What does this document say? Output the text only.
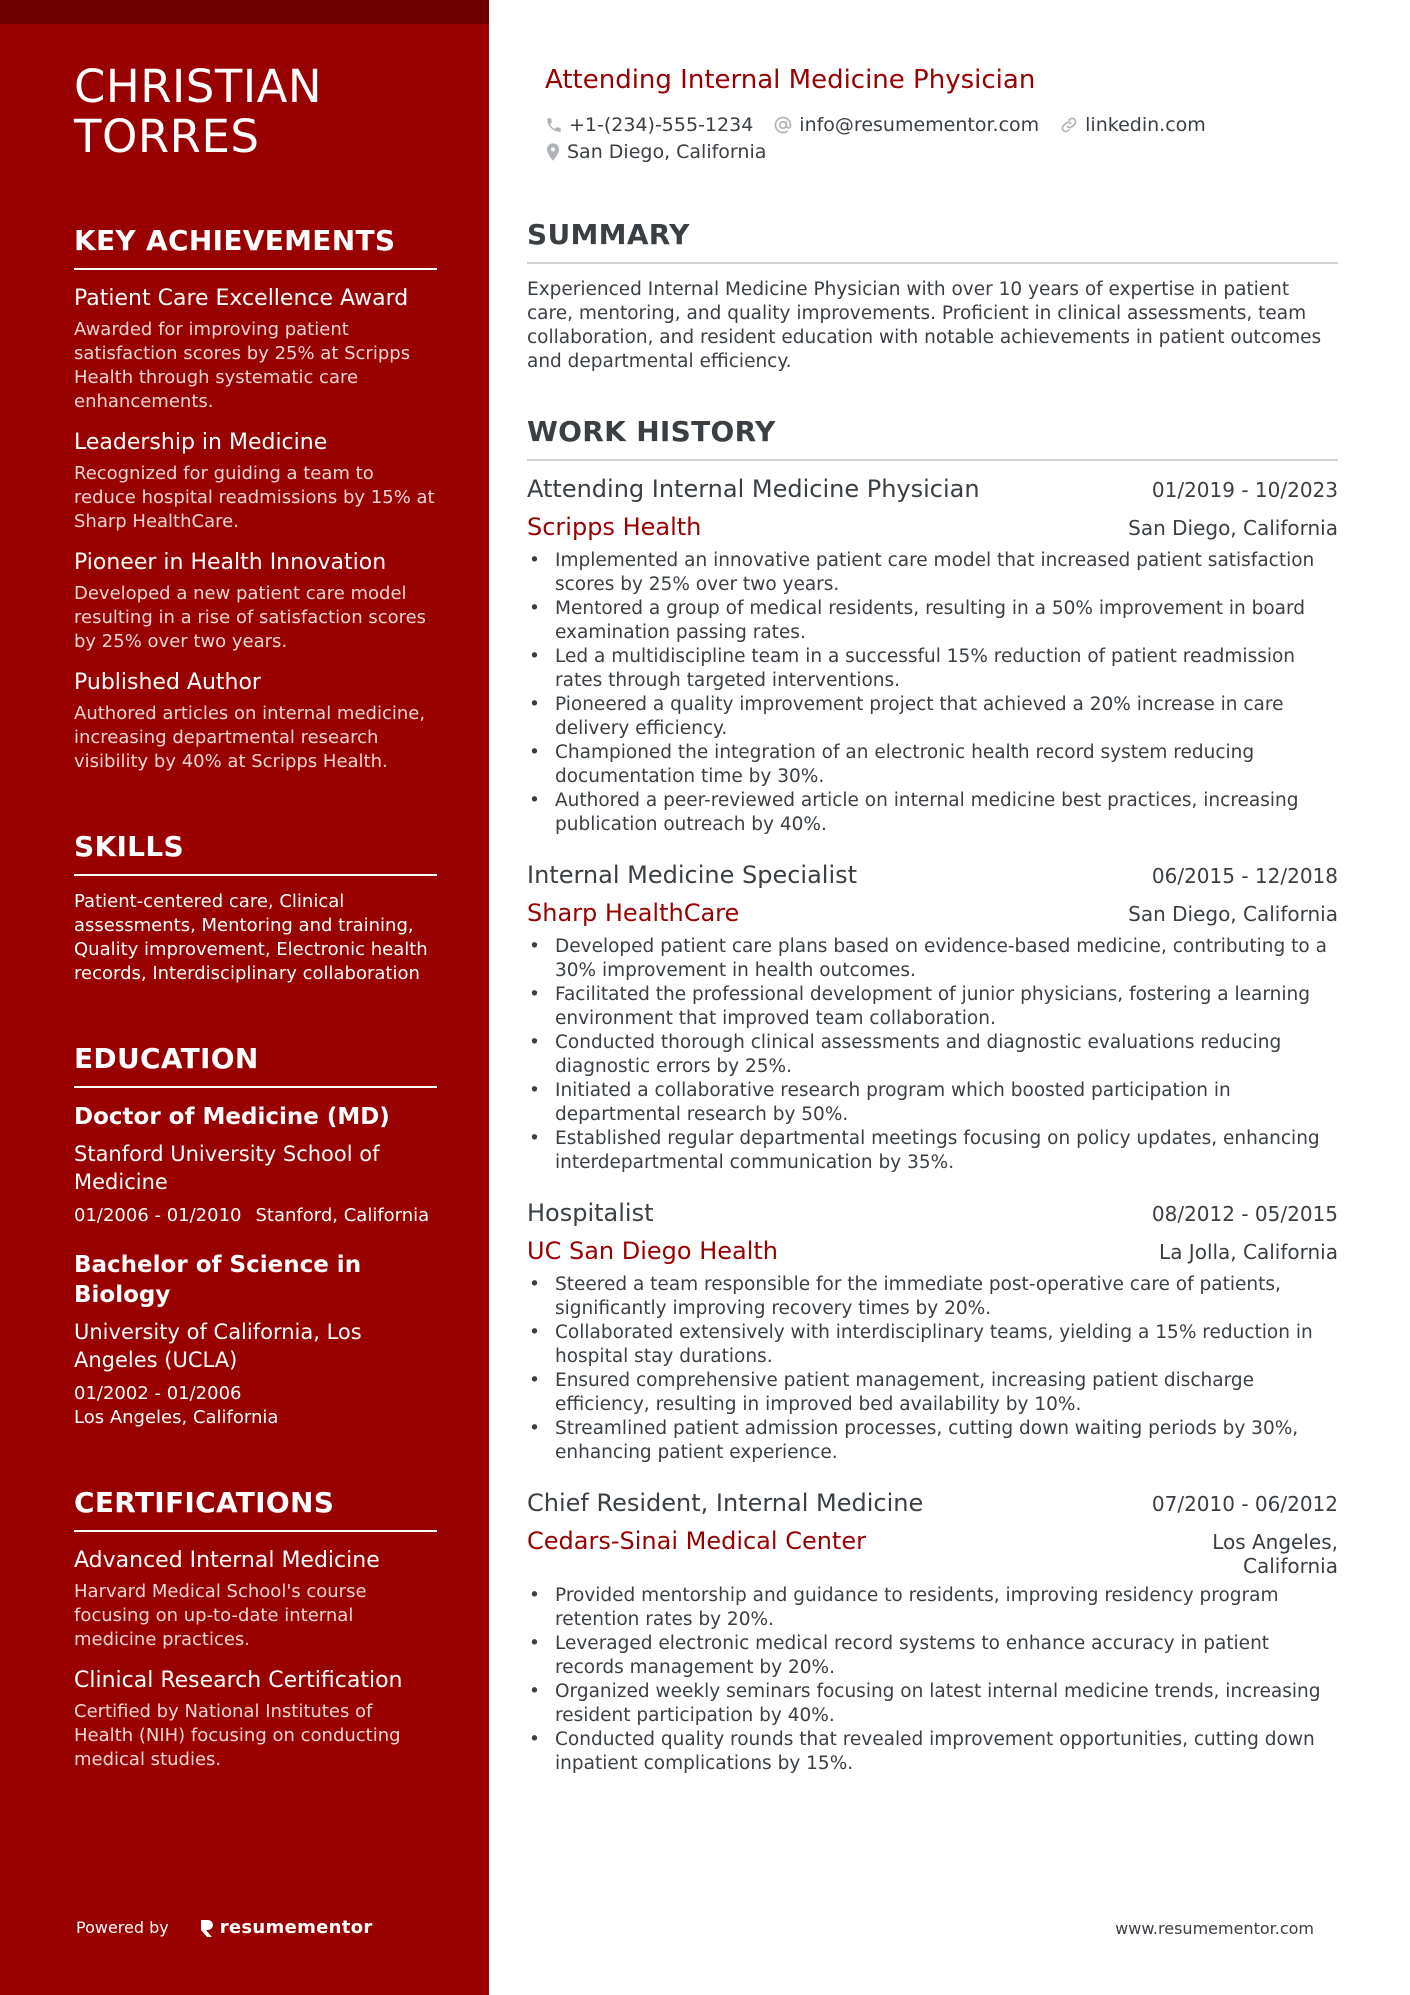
CHRISTIAN
TORRES
KEY ACHIEVEMENTS
Patient Care Excellence Award
Awarded for improving patient satisfaction scores by 25% at Scripps Health through systematic care enhancements.
Leadership in Medicine
Recognized for guiding a team to reduce hospital readmissions by 15% at Sharp HealthCare.
Pioneer in Health Innovation
Developed a new patient care model resulting in a rise of satisfaction scores by 25% over two years.
Published Author
Authored articles on internal medicine, increasing departmental research visibility by 40% at Scripps Health.
SKILLS
Patient-centered care, Clinical assessments, Mentoring and training, Quality improvement, Electronic health records, Interdisciplinary collaboration
EDUCATION
Doctor of Medicine (MD)
Stanford University School of Medicine
01/2006 - 01/2010 Stanford, California
Bachelor of Science in Biology
University of California, Los Angeles (UCLA)
01/2002 - 01/2006
Los Angeles, California
CERTIFICATIONS
Advanced Internal Medicine
Harvard Medical School's course focusing on up-to-date internal medicine practices.
Clinical Research Certification
Certified by National Institutes of Health (NIH) focusing on conducting medical studies.
Powered by	resumementor
Attending Internal Medicine Physician
+1-(234)-555-1234 info@resumementor.com linkedin.com
San Diego, California
SUMMARY
Experienced Internal Medicine Physician with over 10 years of expertise in patient care, mentoring, and quality improvements. Proficient in clinical assessments, team collaboration, and resident education with notable achievements in patient outcomes and departmental efficiency.
WORK HISTORY
Attending Internal Medicine Physician	01/2019 - 10/2023
Scripps Health	San Diego, California
• Implemented an innovative patient care model that increased patient satisfaction scores by 25% over two years.
• Mentored a group of medical residents, resulting in a 50% improvement in board examination passing rates.
• Led a multidiscipline team in a successful 15% reduction of patient readmission rates through targeted interventions.
• Pioneered a quality improvement project that achieved a 20% increase in care delivery efficiency.
• Championed the integration of an electronic health record system reducing documentation time by 30%.
• Authored a peer-reviewed article on internal medicine best practices, increasing publication outreach by 40%.
Internal Medicine Specialist	06/2015 - 12/2018
Sharp HealthCare	San Diego, California
• Developed patient care plans based on evidence-based medicine, contributing to a 30% improvement in health outcomes.
• Facilitated the professional development of junior physicians, fostering a learning environment that improved team collaboration.
• Conducted thorough clinical assessments and diagnostic evaluations reducing diagnostic errors by 25%.
• Initiated a collaborative research program which boosted participation in departmental research by 50%.
• Established regular departmental meetings focusing on policy updates, enhancing interdepartmental communication by 35%.
Hospitalist	08/2012 - 05/2015
UC San Diego Health	La Jolla, California
• Steered a team responsible for the immediate post-operative care of patients, significantly improving recovery times by 20%.
• Collaborated extensively with interdisciplinary teams, yielding a 15% reduction in hospital stay durations.
• Ensured comprehensive patient management, increasing patient discharge efficiency, resulting in improved bed availability by 10%.
• Streamlined patient admission processes, cutting down waiting periods by 30%, enhancing patient experience.
Chief Resident, Internal Medicine	07/2010 - 06/2012
Cedars-Sinai Medical Center	Los Angeles, California
• Provided mentorship and guidance to residents, improving residency program retention rates by 20%.
• Leveraged electronic medical record systems to enhance accuracy in patient records management by 20%.
• Organized weekly seminars focusing on latest internal medicine trends, increasing resident participation by 40%.
• Conducted quality rounds that revealed improvement opportunities, cutting down inpatient complications by 15%.
www.resumementor.com
